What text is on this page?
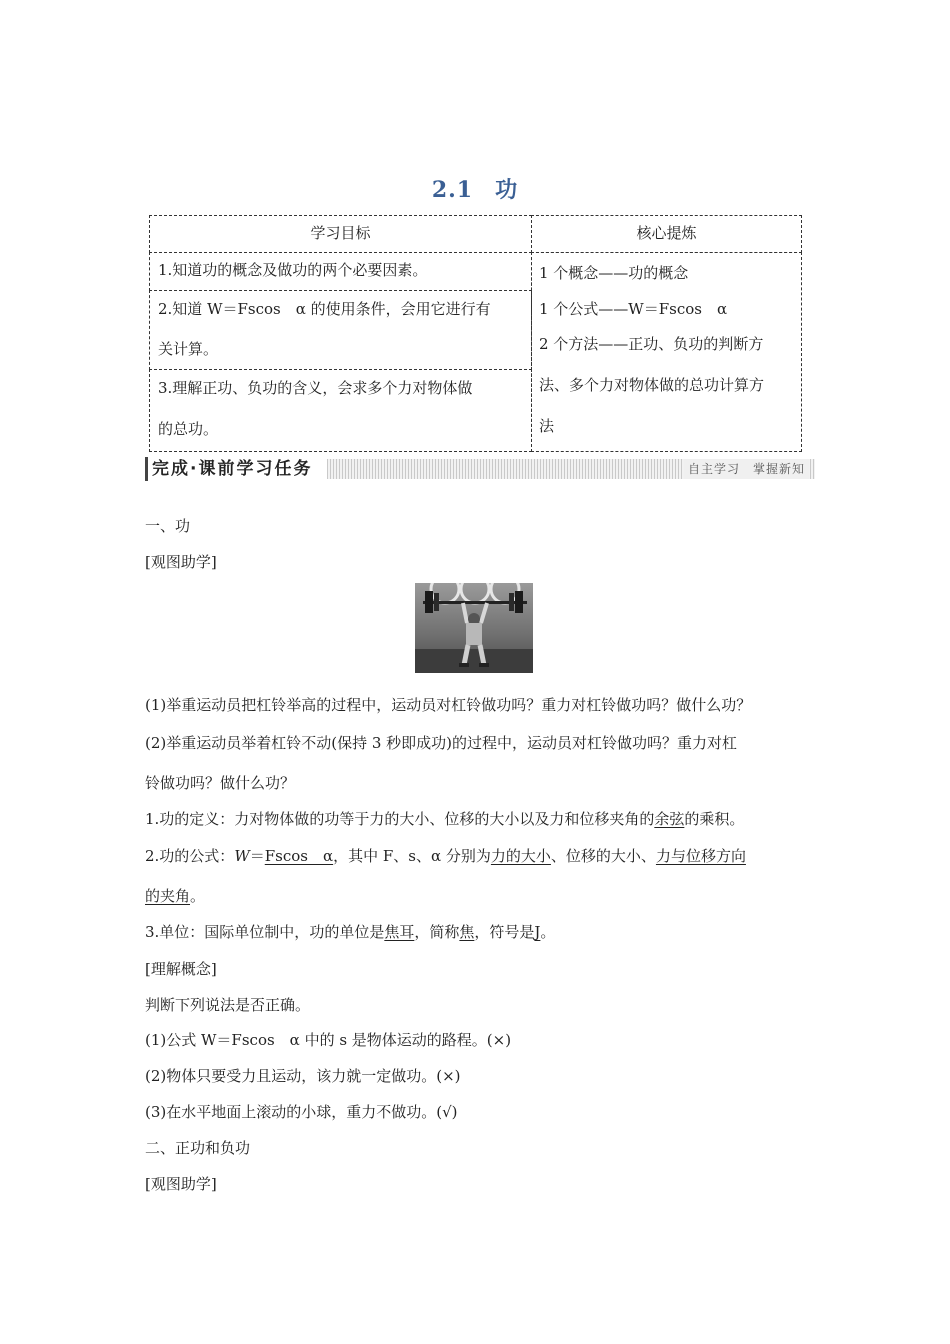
2.1 功
学习目标	核心提炼
1.知道功的概念及做功的两个必要因素。
2.知道 W＝Fscos　α 的使用条件，会用它进行有
关计算。
3.理解正功、负功的含义，会求多个力对物体做
的总功。
1 个概念——功的概念
1 个公式——W＝Fscos　α
2 个方法——正功、负功的判断方
法、多个力对物体做的总功计算方
法
完成·课前学习任务	自主学习　掌握新知
一、功
[观图助学]
(1)举重运动员把杠铃举高的过程中，运动员对杠铃做功吗？重力对杠铃做功吗？做什么功？
(2)举重运动员举着杠铃不动(保持 3 秒即成功)的过程中，运动员对杠铃做功吗？重力对杠
铃做功吗？做什么功？
1.功的定义：力对物体做的功等于力的大小、位移的大小以及力和位移夹角的余弦的乘积。
2.功的公式：W＝Fscos　α，其中 F、s、α 分别为力的大小、位移的大小、力与位移方向
的夹角。
3.单位：国际单位制中，功的单位是焦耳，简称焦，符号是J。
[理解概念]
判断下列说法是否正确。
(1)公式 W＝Fscos　α 中的 s 是物体运动的路程。(×)
(2)物体只要受力且运动，该力就一定做功。(×)
(3)在水平地面上滚动的小球，重力不做功。(√)
二、正功和负功
[观图助学]
